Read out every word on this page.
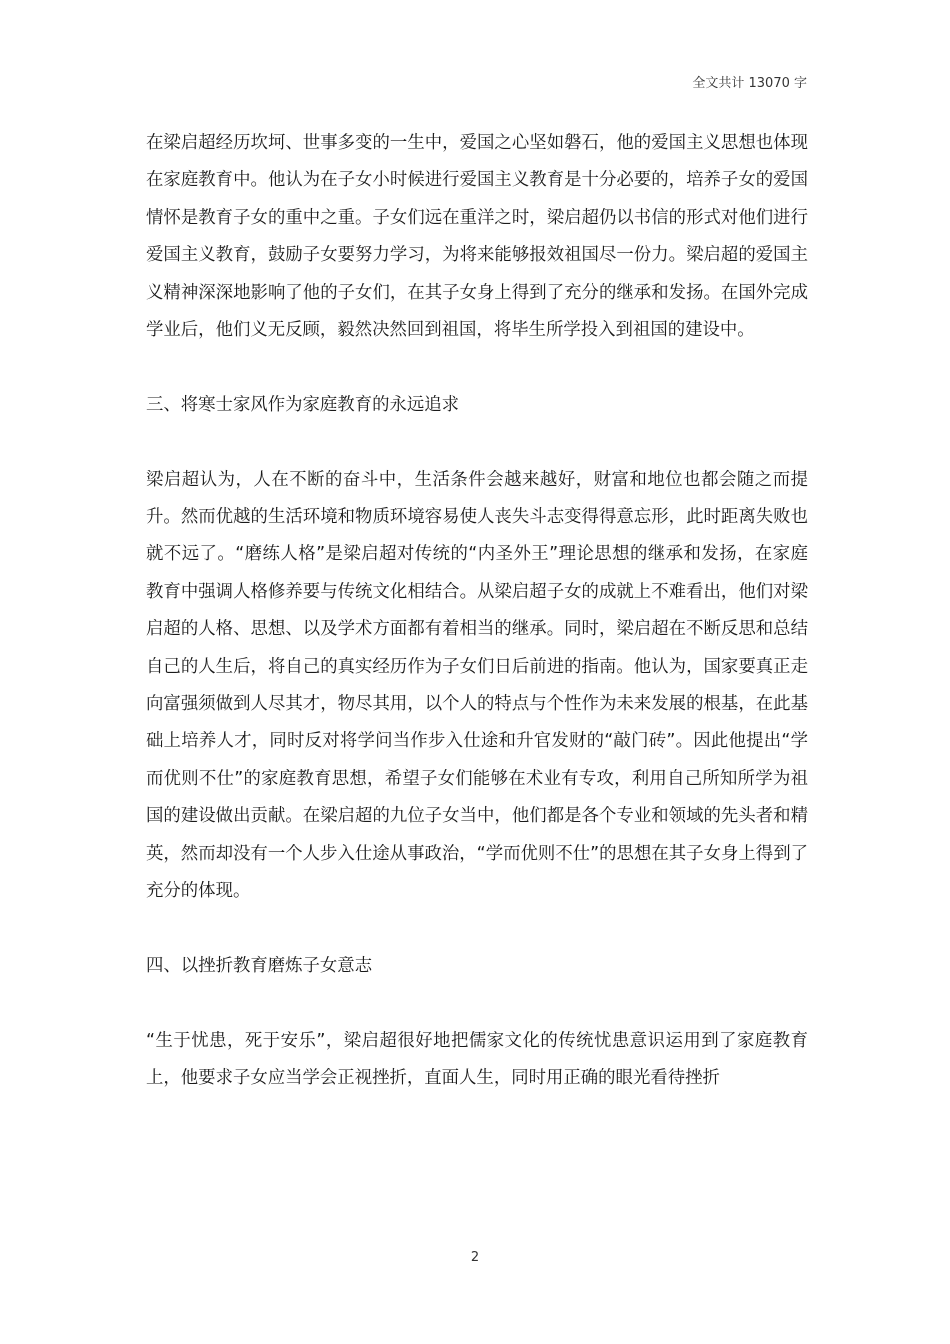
全文共计 13070 字

在梁启超经历坎坷、世事多变的一生中，爱国之心坚如磐石，他的爱国主义思想也体现在家庭教育中。他认为在子女小时候进行爱国主义教育是十分必要的，培养子女的爱国情怀是教育子女的重中之重。子女们远在重洋之时，梁启超仍以书信的形式对他们进行爱国主义教育，鼓励子女要努力学习，为将来能够报效祖国尽一份力。梁启超的爱国主义精神深深地影响了他的子女们，在其子女身上得到了充分的继承和发扬。在国外完成学业后，他们义无反顾，毅然决然回到祖国，将毕生所学投入到祖国的建设中。

三、将寒士家风作为家庭教育的永远追求

梁启超认为，人在不断的奋斗中，生活条件会越来越好，财富和地位也都会随之而提升。然而优越的生活环境和物质环境容易使人丧失斗志变得得意忘形，此时距离失败也就不远了。“磨练人格”是梁启超对传统的“内圣外王”理论思想的继承和发扬，在家庭教育中强调人格修养要与传统文化相结合。从梁启超子女的成就上不难看出，他们对梁启超的人格、思想、以及学术方面都有着相当的继承。同时，梁启超在不断反思和总结自己的人生后，将自己的真实经历作为子女们日后前进的指南。他认为，国家要真正走向富强须做到人尽其才，物尽其用，以个人的特点与个性作为未来发展的根基，在此基础上培养人才，同时反对将学问当作步入仕途和升官发财的“敲门砖”。因此他提出“学而优则不仕”的家庭教育思想，希望子女们能够在术业有专攻，利用自己所知所学为祖国的建设做出贡献。在梁启超的九位子女当中，他们都是各个专业和领域的先头者和精英，然而却没有一个人步入仕途从事政治，“学而优则不仕”的思想在其子女身上得到了充分的体现。

四、以挫折教育磨炼子女意志

“生于忧患，死于安乐”，梁启超很好地把儒家文化的传统忧患意识运用到了家庭教育上，他要求子女应当学会正视挫折，直面人生，同时用正确的眼光看待挫折

2
